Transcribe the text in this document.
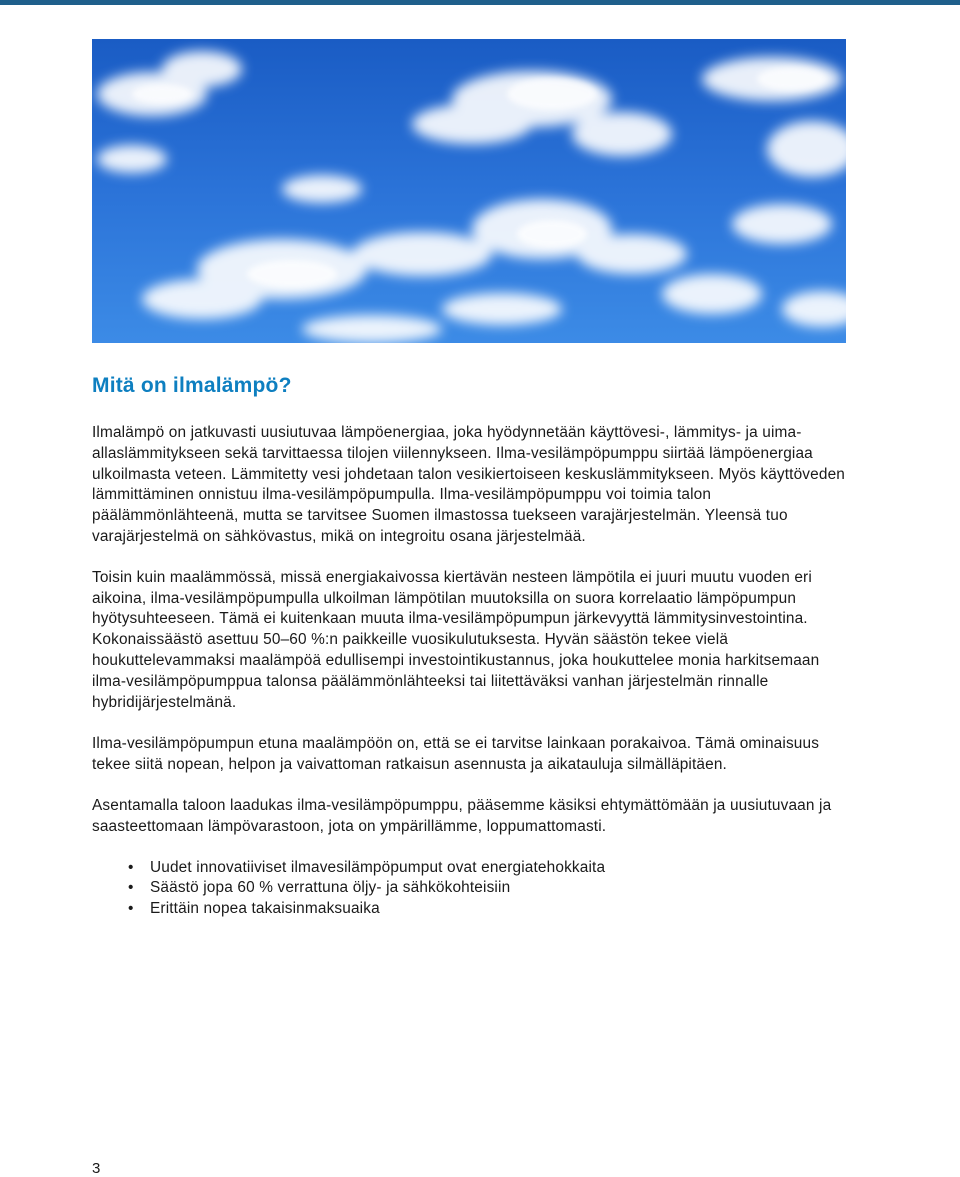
Mitä on ilmalämpö?

Ilmalämpö on jatkuvasti uusiutuvaa lämpöenergiaa, joka hyödynnetään käyttövesi-, lämmitys- ja uima-allaslämmitykseen sekä tarvittaessa tilojen viilennykseen. Ilma-vesilämpöpumppu siirtää lämpöenergiaa ulkoilmasta veteen. Lämmitetty vesi johdetaan talon vesikiertoiseen keskuslämmitykseen. Myös käyttöveden lämmittäminen onnistuu ilma-vesilämpöpumpulla. Ilma-vesilämpöpumppu voi toimia talon päälämmönlähteenä, mutta se tarvitsee Suomen ilmastossa tuekseen varajärjestelmän. Yleensä tuo varajärjestelmä on sähkövastus, mikä on integroitu osana järjestelmää.

Toisin kuin maalämmössä, missä energiakaivossa kiertävän nesteen lämpötila ei juuri muutu vuoden eri aikoina, ilma-vesilämpöpumpulla ulkoilman lämpötilan muutoksilla on suora korrelaatio lämpöpumpun hyötysuhteeseen. Tämä ei kuitenkaan muuta ilma-vesilämpöpumpun järkevyyttä lämmitysinvestointina. Kokonaissäästö asettuu 50–60 %:n paikkeille vuosikulutuksesta. Hyvän säästön tekee vielä houkuttelevammaksi maalämpöä edullisempi investointikustannus, joka houkuttelee monia harkitsemaan ilma-vesilämpöpumppua talonsa päälämmönlähteeksi tai liitettäväksi vanhan järjestelmän rinnalle hybridijärjestelmänä.

Ilma-vesilämpöpumpun etuna maalämpöön on, että se ei tarvitse lainkaan porakaivoa. Tämä ominaisuus tekee siitä nopean, helpon ja vaivattoman ratkaisun asennusta ja aikatauluja silmälläpitäen.

Asentamalla taloon laadukas ilma-vesilämpöpumppu, pääsemme käsiksi ehtymättömään ja uusiutuvaan ja saasteettomaan lämpövarastoon, jota on ympärillämme, loppumattomasti.

• Uudet innovatiiviset ilmavesilämpöpumput ovat energiatehokkaita
• Säästö jopa 60 % verrattuna öljy- ja sähkökohteisiin
• Erittäin nopea takaisinmaksuaika
3
